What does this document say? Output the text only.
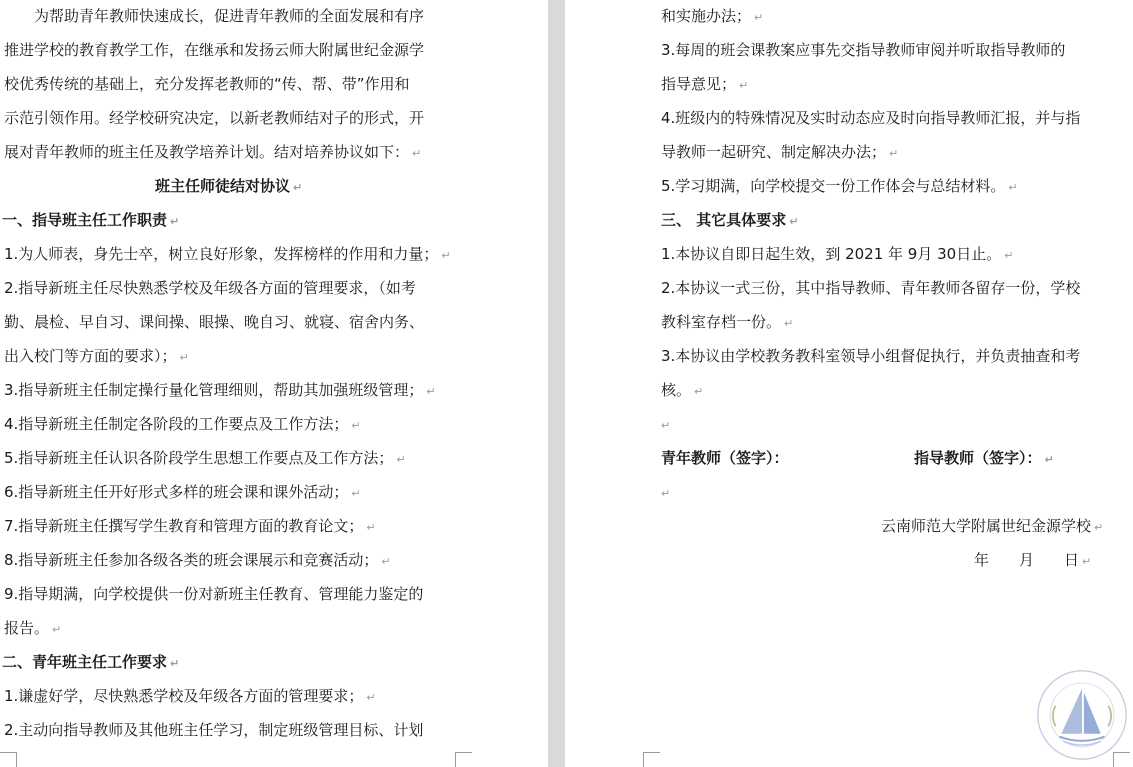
为帮助青年教师快速成长，促进青年教师的全面发展和有序
推进学校的教育教学工作，在继承和发扬云师大附属世纪金源学
校优秀传统的基础上，充分发挥老教师的“传、帮、带”作用和
示范引领作用。经学校研究决定，以新老教师结对子的形式，开
展对青年教师的班主任及教学培养计划。结对培养协议如下： ↵
班主任师徒结对协议 ↵
一、指导班主任工作职责 ↵
1.为人师表，身先士卒，树立良好形象，发挥榜样的作用和力量； ↵
2.指导新班主任尽快熟悉学校及年级各方面的管理要求，（如考
勤、晨检、早自习、课间操、眼操、晚自习、就寝、宿舍内务、
出入校门等方面的要求）； ↵
3.指导新班主任制定操行量化管理细则，帮助其加强班级管理； ↵
4.指导新班主任制定各阶段的工作要点及工作方法； ↵
5.指导新班主任认识各阶段学生思想工作要点及工作方法； ↵
6.指导新班主任开好形式多样的班会课和课外活动； ↵
7.指导新班主任撰写学生教育和管理方面的教育论文； ↵
8.指导新班主任参加各级各类的班会课展示和竞赛活动； ↵
9.指导期满，向学校提供一份对新班主任教育、管理能力鉴定的
报告。 ↵
二、青年班主任工作要求 ↵
1.谦虚好学，尽快熟悉学校及年级各方面的管理要求； ↵
2.主动向指导教师及其他班主任学习，制定班级管理目标、计划
和实施办法； ↵
3.每周的班会课教案应事先交指导教师审阅并听取指导教师的
指导意见； ↵
4.班级内的特殊情况及实时动态应及时向指导教师汇报，并与指
导教师一起研究、制定解决办法； ↵
5.学习期满，向学校提交一份工作体会与总结材料。 ↵
三、 其它具体要求 ↵
1.本协议自即日起生效，到 2021 年 9月 30日止。 ↵
2.本协议一式三份，其中指导教师、青年教师各留存一份，学校
教科室存档一份。 ↵
3.本协议由学校教务教科室领导小组督促执行，并负责抽查和考
核。 ↵
↵
青年教师（签字）：	指导教师（签字）： ↵
↵
云南师范大学附属世纪金源学校 ↵
年　　月　　日 ↵
